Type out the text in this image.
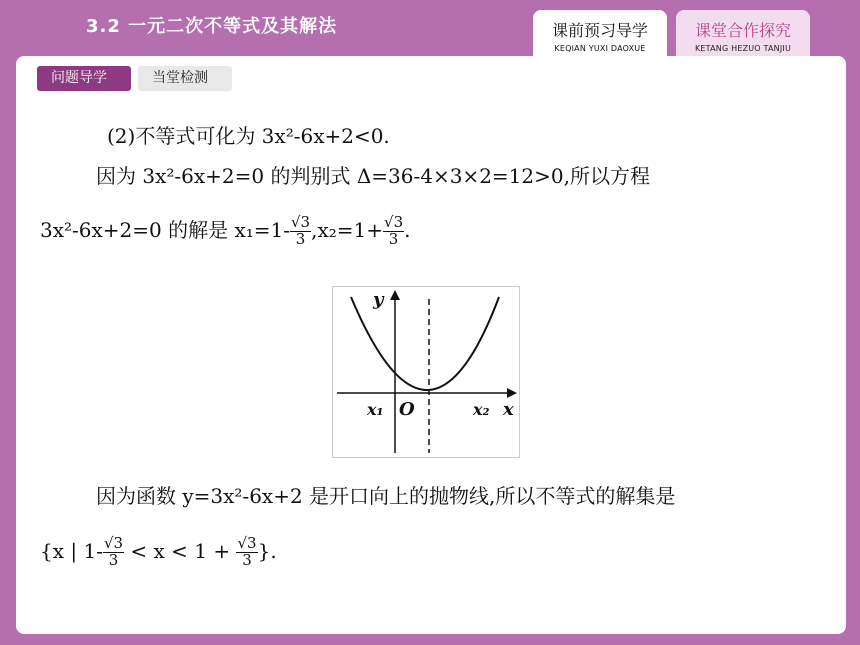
3.2 一元二次不等式及其解法	课前预习导学
KEQIAN YUXI DAOXUE
课堂合作探究
KETANG HEZUO TANJIU
问题导学	当堂检测
(2)不等式可化为 3x²-6x+2<0.
因为 3x²-6x+2=0 的判别式 Δ=36-4×3×2=12>0,所以方程
3x²-6x+2=0 的解是 $x_1=1- \frac{√3}{3} ,x_2=1+ \frac{√3}{3}$ .
y
x
O
x₁	x₂
因为函数 y=3x²-6x+2 是开口向上的抛物线,所以不等式的解集是
{x | $1- \frac{√3}{3} < x < 1 + \frac{√3}{3}$ }.
